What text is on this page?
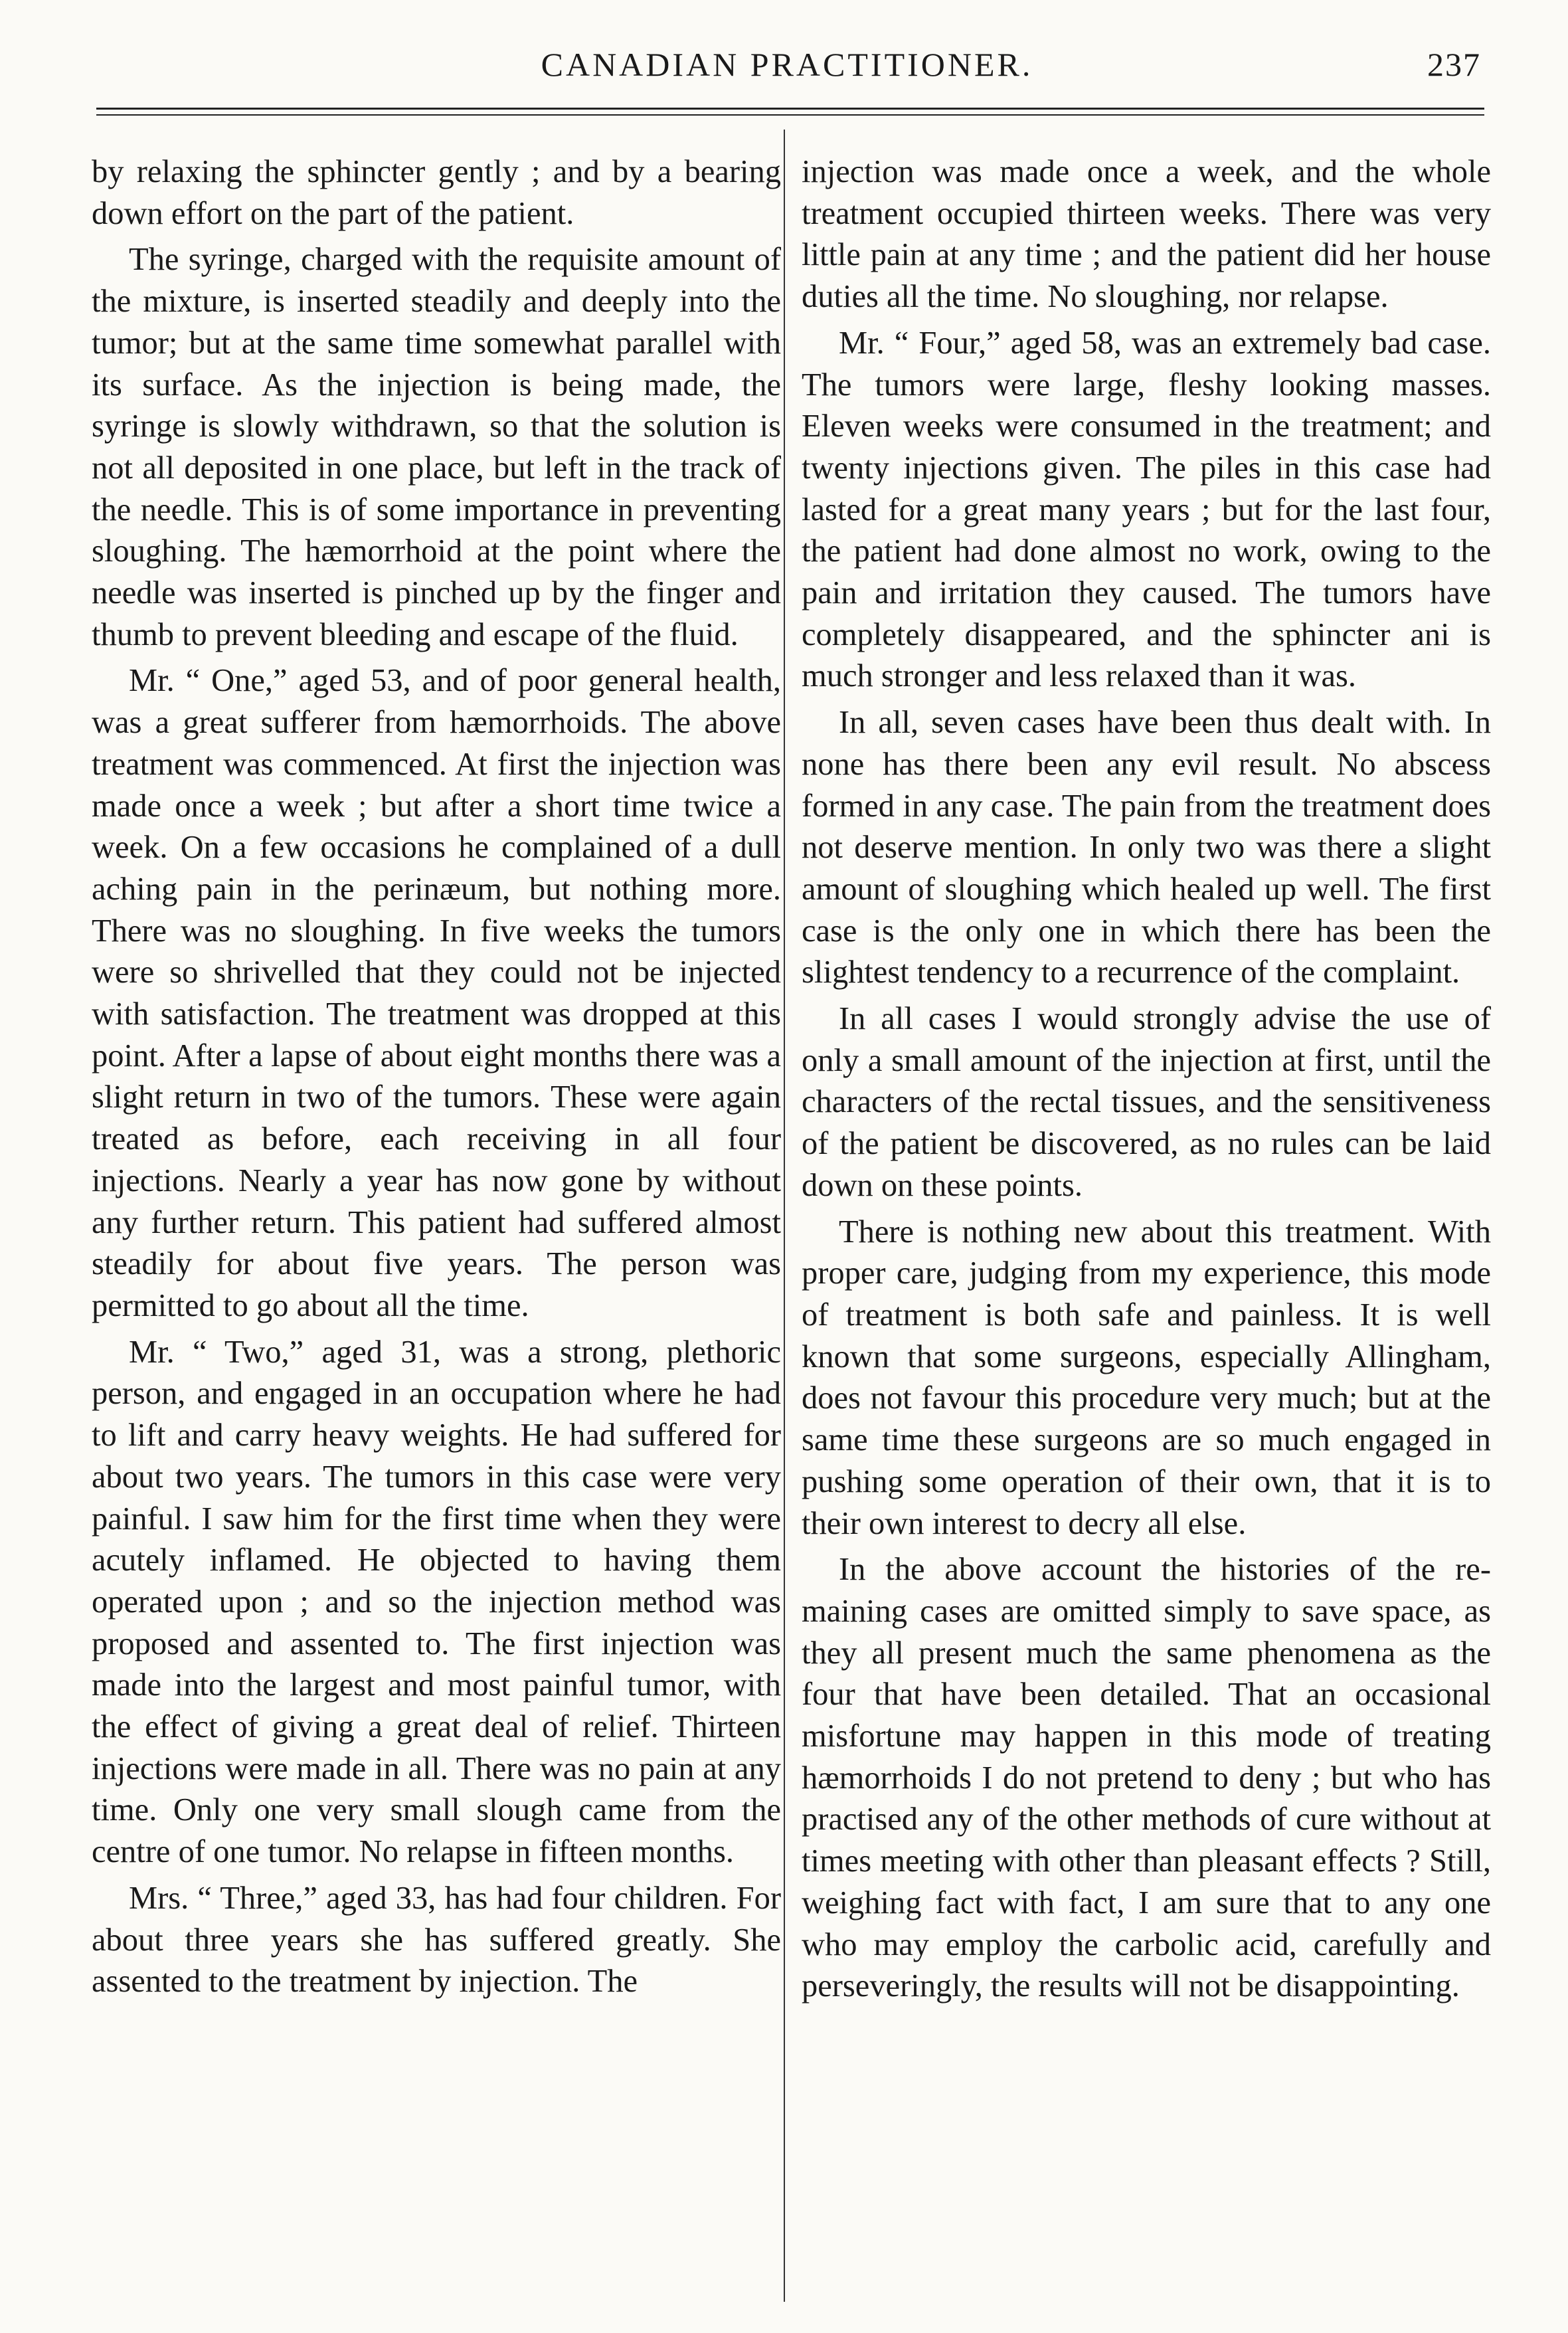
CANADIAN PRACTITIONER.	237

by relaxing the sphincter gently ; and by a bearing down effort on the part of the patient.

The syringe, charged with the requisite amount of the mixture, is inserted steadily and deeply into the tumor; but at the same time somewhat parallel with its surface. As the injection is being made, the syringe is slowly withdrawn, so that the solution is not all deposited in one place, but left in the track of the needle. This is of some importance in preventing sloughing. The hæmorrhoid at the point where the needle was inserted is pinched up by the finger and thumb to prevent bleeding and escape of the fluid.

Mr. “ One,” aged 53, and of poor general health, was a great sufferer from hæmorrhoids. The above treatment was commenced. At first the injection was made once a week ; but after a short time twice a week. On a few occasions he complained of a dull aching pain in the perinæum, but nothing more. There was no sloughing. In five weeks the tumors were so shrivelled that they could not be injected with satisfaction. The treatment was dropped at this point. After a lapse of about eight months there was a slight return in two of the tumors. These were again treated as before, each receiving in all four injections. Nearly a year has now gone by without any further return. This patient had suffered almost steadily for about five years. The person was permitted to go about all the time.

Mr. “ Two,” aged 31, was a strong, plethoric person, and engaged in an occupation where he had to lift and carry heavy weights. He had suffered for about two years. The tumors in this case were very painful. I saw him for the first time when they were acutely inflamed. He objected to having them operated upon ; and so the injection method was proposed and assented to. The first injection was made into the largest and most painful tumor, with the effect of giving a great deal of relief. Thirteen injections were made in all. There was no pain at any time. Only one very small slough came from the centre of one tumor. No relapse in fifteen months.

Mrs. “ Three,” aged 33, has had four children. For about three years she has suffered greatly. She assented to the treatment by injection. The

injection was made once a week, and the whole treatment occupied thirteen weeks. There was very little pain at any time ; and the patient did her house duties all the time. No sloughing, nor relapse.

Mr. “ Four,” aged 58, was an extremely bad case. The tumors were large, fleshy looking masses. Eleven weeks were consumed in the treatment; and twenty injections given. The piles in this case had lasted for a great many years ; but for the last four, the patient had done almost no work, owing to the pain and irritation they caused. The tumors have completely disappeared, and the sphincter ani is much stronger and less relaxed than it was.

In all, seven cases have been thus dealt with. In none has there been any evil result. No abscess formed in any case. The pain from the treatment does not deserve mention. In only two was there a slight amount of sloughing which healed up well. The first case is the only one in which there has been the slightest tendency to a recurrence of the complaint.

In all cases I would strongly advise the use of only a small amount of the injection at first, until the characters of the rectal tissues, and the sensitiveness of the patient be discovered, as no rules can be laid down on these points.

There is nothing new about this treatment. With proper care, judging from my experience, this mode of treatment is both safe and painless. It is well known that some surgeons, especially Allingham, does not favour this procedure very much; but at the same time these surgeons are so much engaged in pushing some operation of their own, that it is to their own interest to decry all else.

In the above account the histories of the remaining cases are omitted simply to save space, as they all present much the same phenomena as the four that have been detailed. That an occasional misfortune may happen in this mode of treating hæmorrhoids I do not pretend to deny ; but who has practised any of the other methods of cure without at times meeting with other than pleasant effects ? Still, weighing fact with fact, I am sure that to any one who may employ the carbolic acid, carefully and perseveringly, the results will not be disappointing.
